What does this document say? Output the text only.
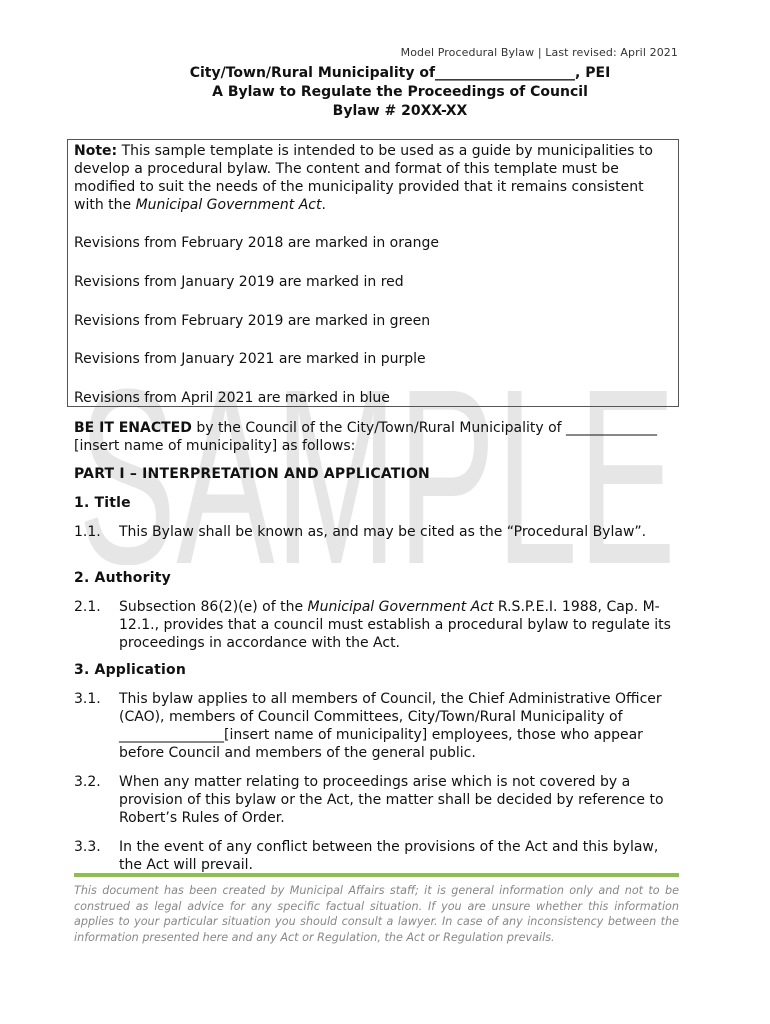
SAMPLE
Model Procedural Bylaw | Last revised: April 2021
City/Town/Rural Municipality of____________________, PEI
A Bylaw to Regulate the Proceedings of Council
Bylaw # 20XX-XX

Note: This sample template is intended to be used as a guide by municipalities to develop a procedural bylaw. The content and format of this template must be modified to suit the needs of the municipality provided that it remains consistent with the Municipal Government Act.

Revisions from February 2018 are marked in orange
Revisions from January 2019 are marked in red
Revisions from February 2019 are marked in green
Revisions from January 2021 are marked in purple
Revisions from April 2021 are marked in blue
BE IT ENACTED by the Council of the City/Town/Rural Municipality of _____________ [insert name of municipality] as follows:
PART I – INTERPRETATION AND APPLICATION
1. Title
1.1. This Bylaw shall be known as, and may be cited as the “Procedural Bylaw”.
2. Authority
2.1. Subsection 86(2)(e) of the Municipal Government Act R.S.P.E.I. 1988, Cap. M-12.1., provides that a council must establish a procedural bylaw to regulate its proceedings in accordance with the Act.
3. Application
3.1. This bylaw applies to all members of Council, the Chief Administrative Officer (CAO), members of Council Committees, City/Town/Rural Municipality of _______________[insert name of municipality] employees, those who appear before Council and members of the general public.
3.2. When any matter relating to proceedings arise which is not covered by a provision of this bylaw or the Act, the matter shall be decided by reference to Robert’s Rules of Order.
3.3. In the event of any conflict between the provisions of the Act and this bylaw, the Act will prevail.
This document has been created by Municipal Affairs staff; it is general information only and not to be construed as legal advice for any specific factual situation. If you are unsure whether this information applies to your particular situation you should consult a lawyer. In case of any inconsistency between the information presented here and any Act or Regulation, the Act or Regulation prevails.
